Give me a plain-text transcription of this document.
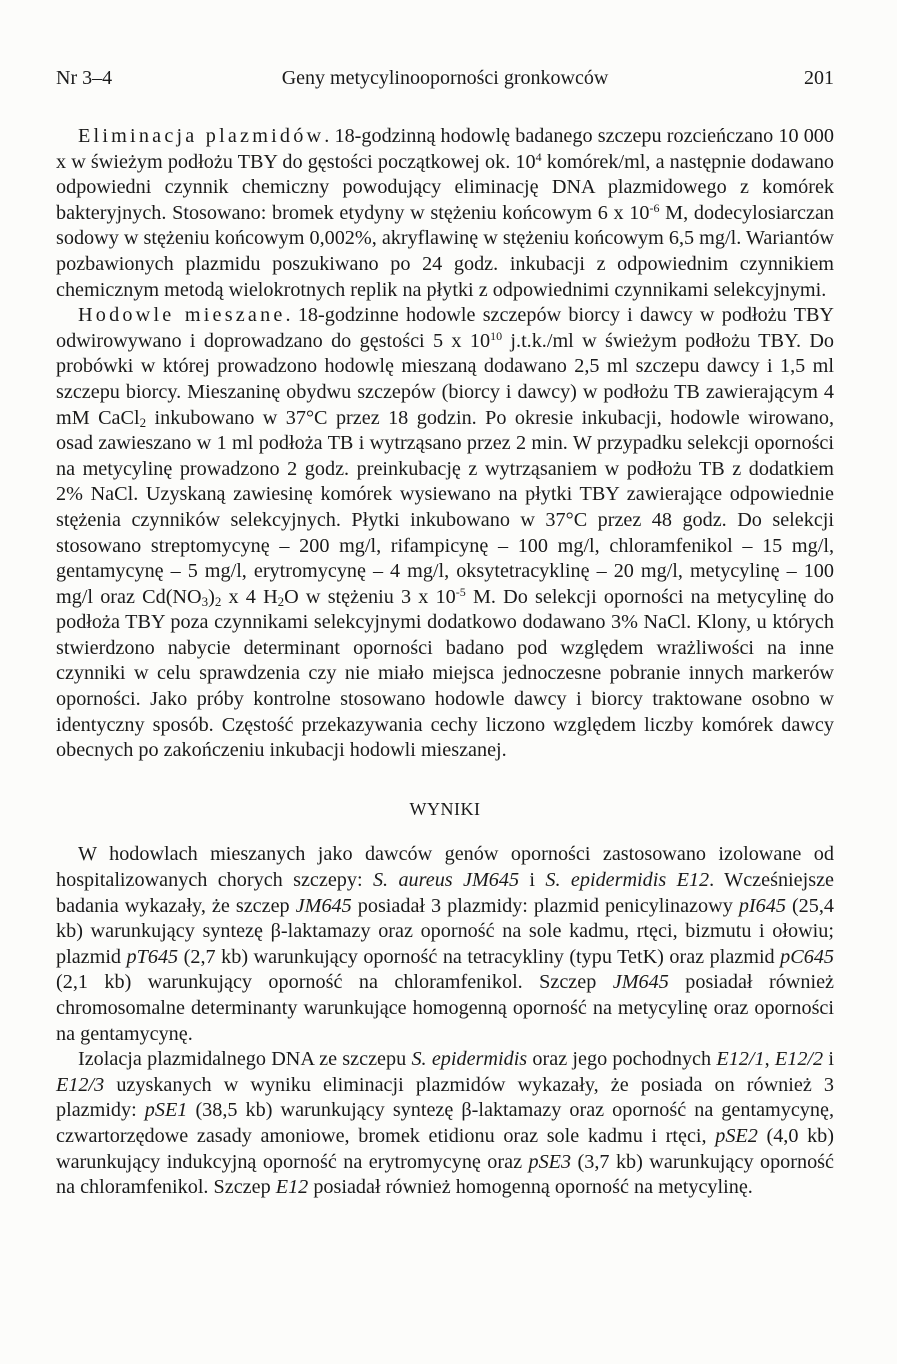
Nr 3–4	Geny metycylinooporności gronkowców	201

Eliminacja plazmidów. 18-godzinną hodowlę badanego szczepu rozcieńczano 10 000 x w świeżym podłożu TBY do gęstości początkowej ok. $10^4$ komórek/ml, a następnie dodawano odpowiedni czynnik chemiczny powodujący eliminację DNA plazmidowego z komórek bakteryjnych. Stosowano: bromek etydyny w stężeniu końcowym 6 x $10^{-6}$ M, dodecylosiarczan sodowy w stężeniu końcowym 0,002%, akryflawinę w stężeniu końcowym 6,5 mg/l. Wariantów pozbawionych plazmidu poszukiwano po 24 godz. inkubacji z odpowiednim czynnikiem chemicznym metodą wielokrotnych replik na płytki z odpowiednimi czynnikami selekcyjnymi.

Hodowle mieszane. 18-godzinne hodowle szczepów biorcy i dawcy w podłożu TBY odwirowywano i doprowadzano do gęstości 5 x $10^{10}$ j.t.k./ml w świeżym podłożu TBY. Do probówki w której prowadzono hodowlę mieszaną dodawano 2,5 ml szczepu dawcy i 1,5 ml szczepu biorcy. Mieszaninę obydwu szczepów (biorcy i dawcy) w podłożu TB zawierającym 4 mM CaCl$_2$ inkubowano w 37°C przez 18 godzin. Po okresie inkubacji, hodowle wirowano, osad zawieszano w 1 ml podłoża TB i wytrząsano przez 2 min. W przypadku selekcji oporności na metycylinę prowadzono 2 godz. preinkubację z wytrząsaniem w podłożu TB z dodatkiem 2% NaCl. Uzyskaną zawiesinę komórek wysiewano na płytki TBY zawierające odpowiednie stężenia czynników selekcyjnych. Płytki inkubowano w 37°C przez 48 godz. Do selekcji stosowano streptomycynę – 200 mg/l, rifampicynę – 100 mg/l, chloramfenikol – 15 mg/l, gentamycynę – 5 mg/l, erytromycynę – 4 mg/l, oksytetracyklinę – 20 mg/l, metycylinę – 100 mg/l oraz $Cd(NO_3)_2$ x 4 $H_2O$ w stężeniu 3 x $10^{-5}$ M. Do selekcji oporności na metycylinę do podłoża TBY poza czynnikami selekcyjnymi dodatkowo dodawano 3% NaCl. Klony, u których stwierdzono nabycie determinant oporności badano pod względem wrażliwości na inne czynniki w celu sprawdzenia czy nie miało miejsca jednoczesne pobranie innych markerów oporności. Jako próby kontrolne stosowano hodowle dawcy i biorcy traktowane osobno w identyczny sposób. Częstość przekazywania cechy liczono względem liczby komórek dawcy obecnych po zakończeniu inkubacji hodowli mieszanej.

WYNIKI

W hodowlach mieszanych jako dawców genów oporności zastosowano izolowane od hospitalizowanych chorych szczepy: S. aureus JM645 i S. epidermidis E12. Wcześniejsze badania wykazały, że szczep JM645 posiadał 3 plazmidy: plazmid penicylinazowy pI645 (25,4 kb) warunkujący syntezę β-laktamazy oraz oporność na sole kadmu, rtęci, bizmutu i ołowiu; plazmid pT645 (2,7 kb) warunkujący oporność na tetracykliny (typu TetK) oraz plazmid pC645 (2,1 kb) warunkujący oporność na chloramfenikol. Szczep JM645 posiadał również chromosomalne determinanty warunkujące homogenną oporność na metycylinę oraz oporności na gentamycynę.

Izolacja plazmidalnego DNA ze szczepu S. epidermidis oraz jego pochodnych E12/1, E12/2 i E12/3 uzyskanych w wyniku eliminacji plazmidów wykazały, że posiada on również 3 plazmidy: pSE1 (38,5 kb) warunkujący syntezę β-laktamazy oraz oporność na gentamycynę, czwartorzędowe zasady amoniowe, bromek etidionu oraz sole kadmu i rtęci, pSE2 (4,0 kb) warunkujący indukcyjną oporność na erytromycynę oraz pSE3 (3,7 kb) warunkujący oporność na chloramfenikol. Szczep E12 posiadał również homogenną oporność na metycylinę.
